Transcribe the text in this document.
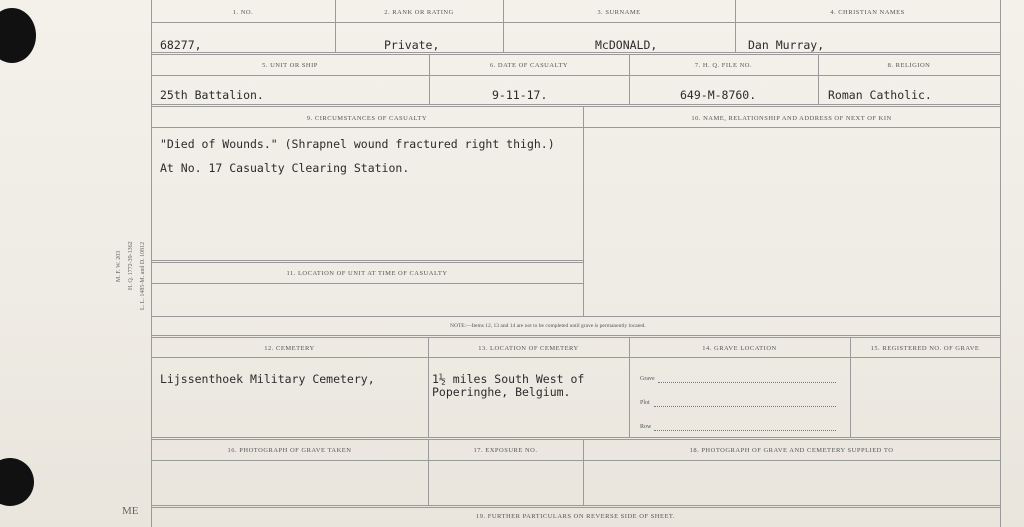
M. F. W. 203 H. Q. 1772-39-1362 L. L. 1485-M. and D. 10812
1. NO.	2. RANK OR RATING	3. SURNAME	4. CHRISTIAN NAMES
68277,	Private,	McDONALD,	Dan Murray,
5. UNIT OR SHIP	6. DATE OF CASUALTY	7. H. Q. FILE NO.	8. RELIGION
25th Battalion.	9-11-17.	649-M-8760.	Roman Catholic.
9. CIRCUMSTANCES OF CASUALTY	10. NAME, RELATIONSHIP AND ADDRESS OF NEXT OF KIN
"Died of Wounds." (Shrapnel wound fractured right thigh.)
At No. 17 Casualty Clearing Station.
11. LOCATION OF UNIT AT TIME OF CASUALTY
NOTE:—Items 12, 13 and 14 are not to be completed until grave is permanently located.
12. CEMETERY	13. LOCATION OF CEMETERY	14. GRAVE LOCATION	15. REGISTERED NO. OF GRAVE
Lijssenthoek Military Cemetery,	1½ miles South West of
Poperinghe, Belgium.
Grave
Plot
Row
16. PHOTOGRAPH OF GRAVE TAKEN	17. EXPOSURE NO.	18. PHOTOGRAPH OF GRAVE AND CEMETERY SUPPLIED TO
19. FURTHER PARTICULARS ON REVERSE SIDE OF SHEET.
ME
